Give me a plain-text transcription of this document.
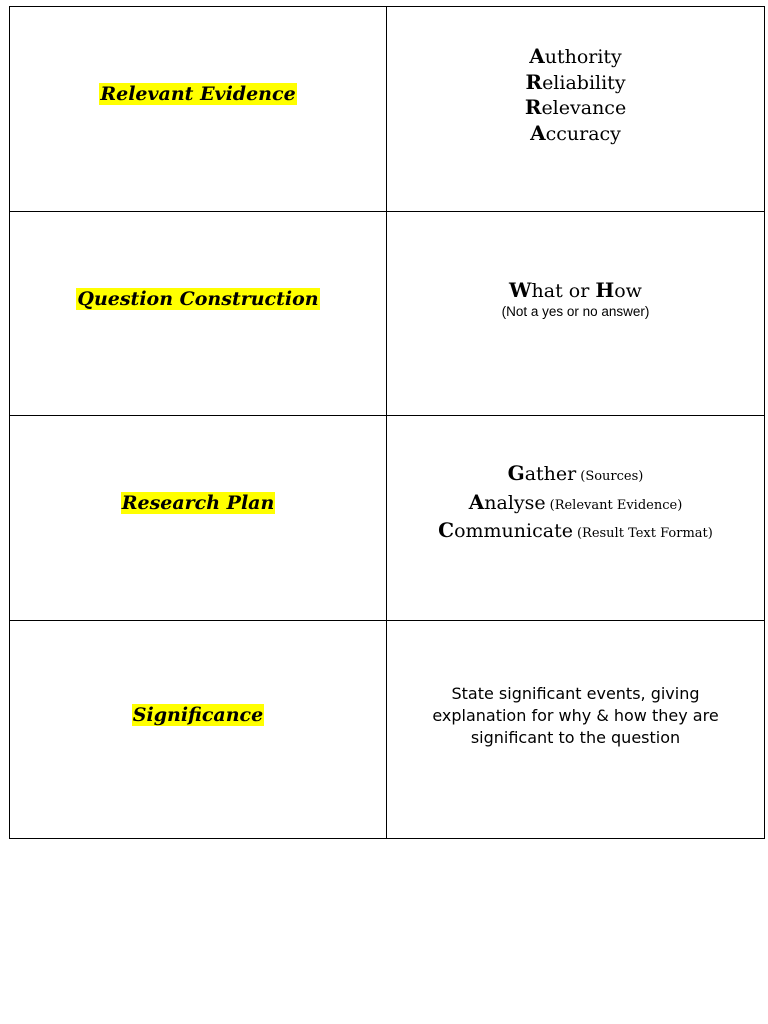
Relevant Evidence	Authority
Reliability
Relevance
Accuracy

Question Construction	What or How
(Not a yes or no answer)

Research Plan	Gather (Sources)
Analyse (Relevant Evidence)
Communicate (Result Text Format)

Significance	State significant events, giving
explanation for why & how they are
significant to the question
